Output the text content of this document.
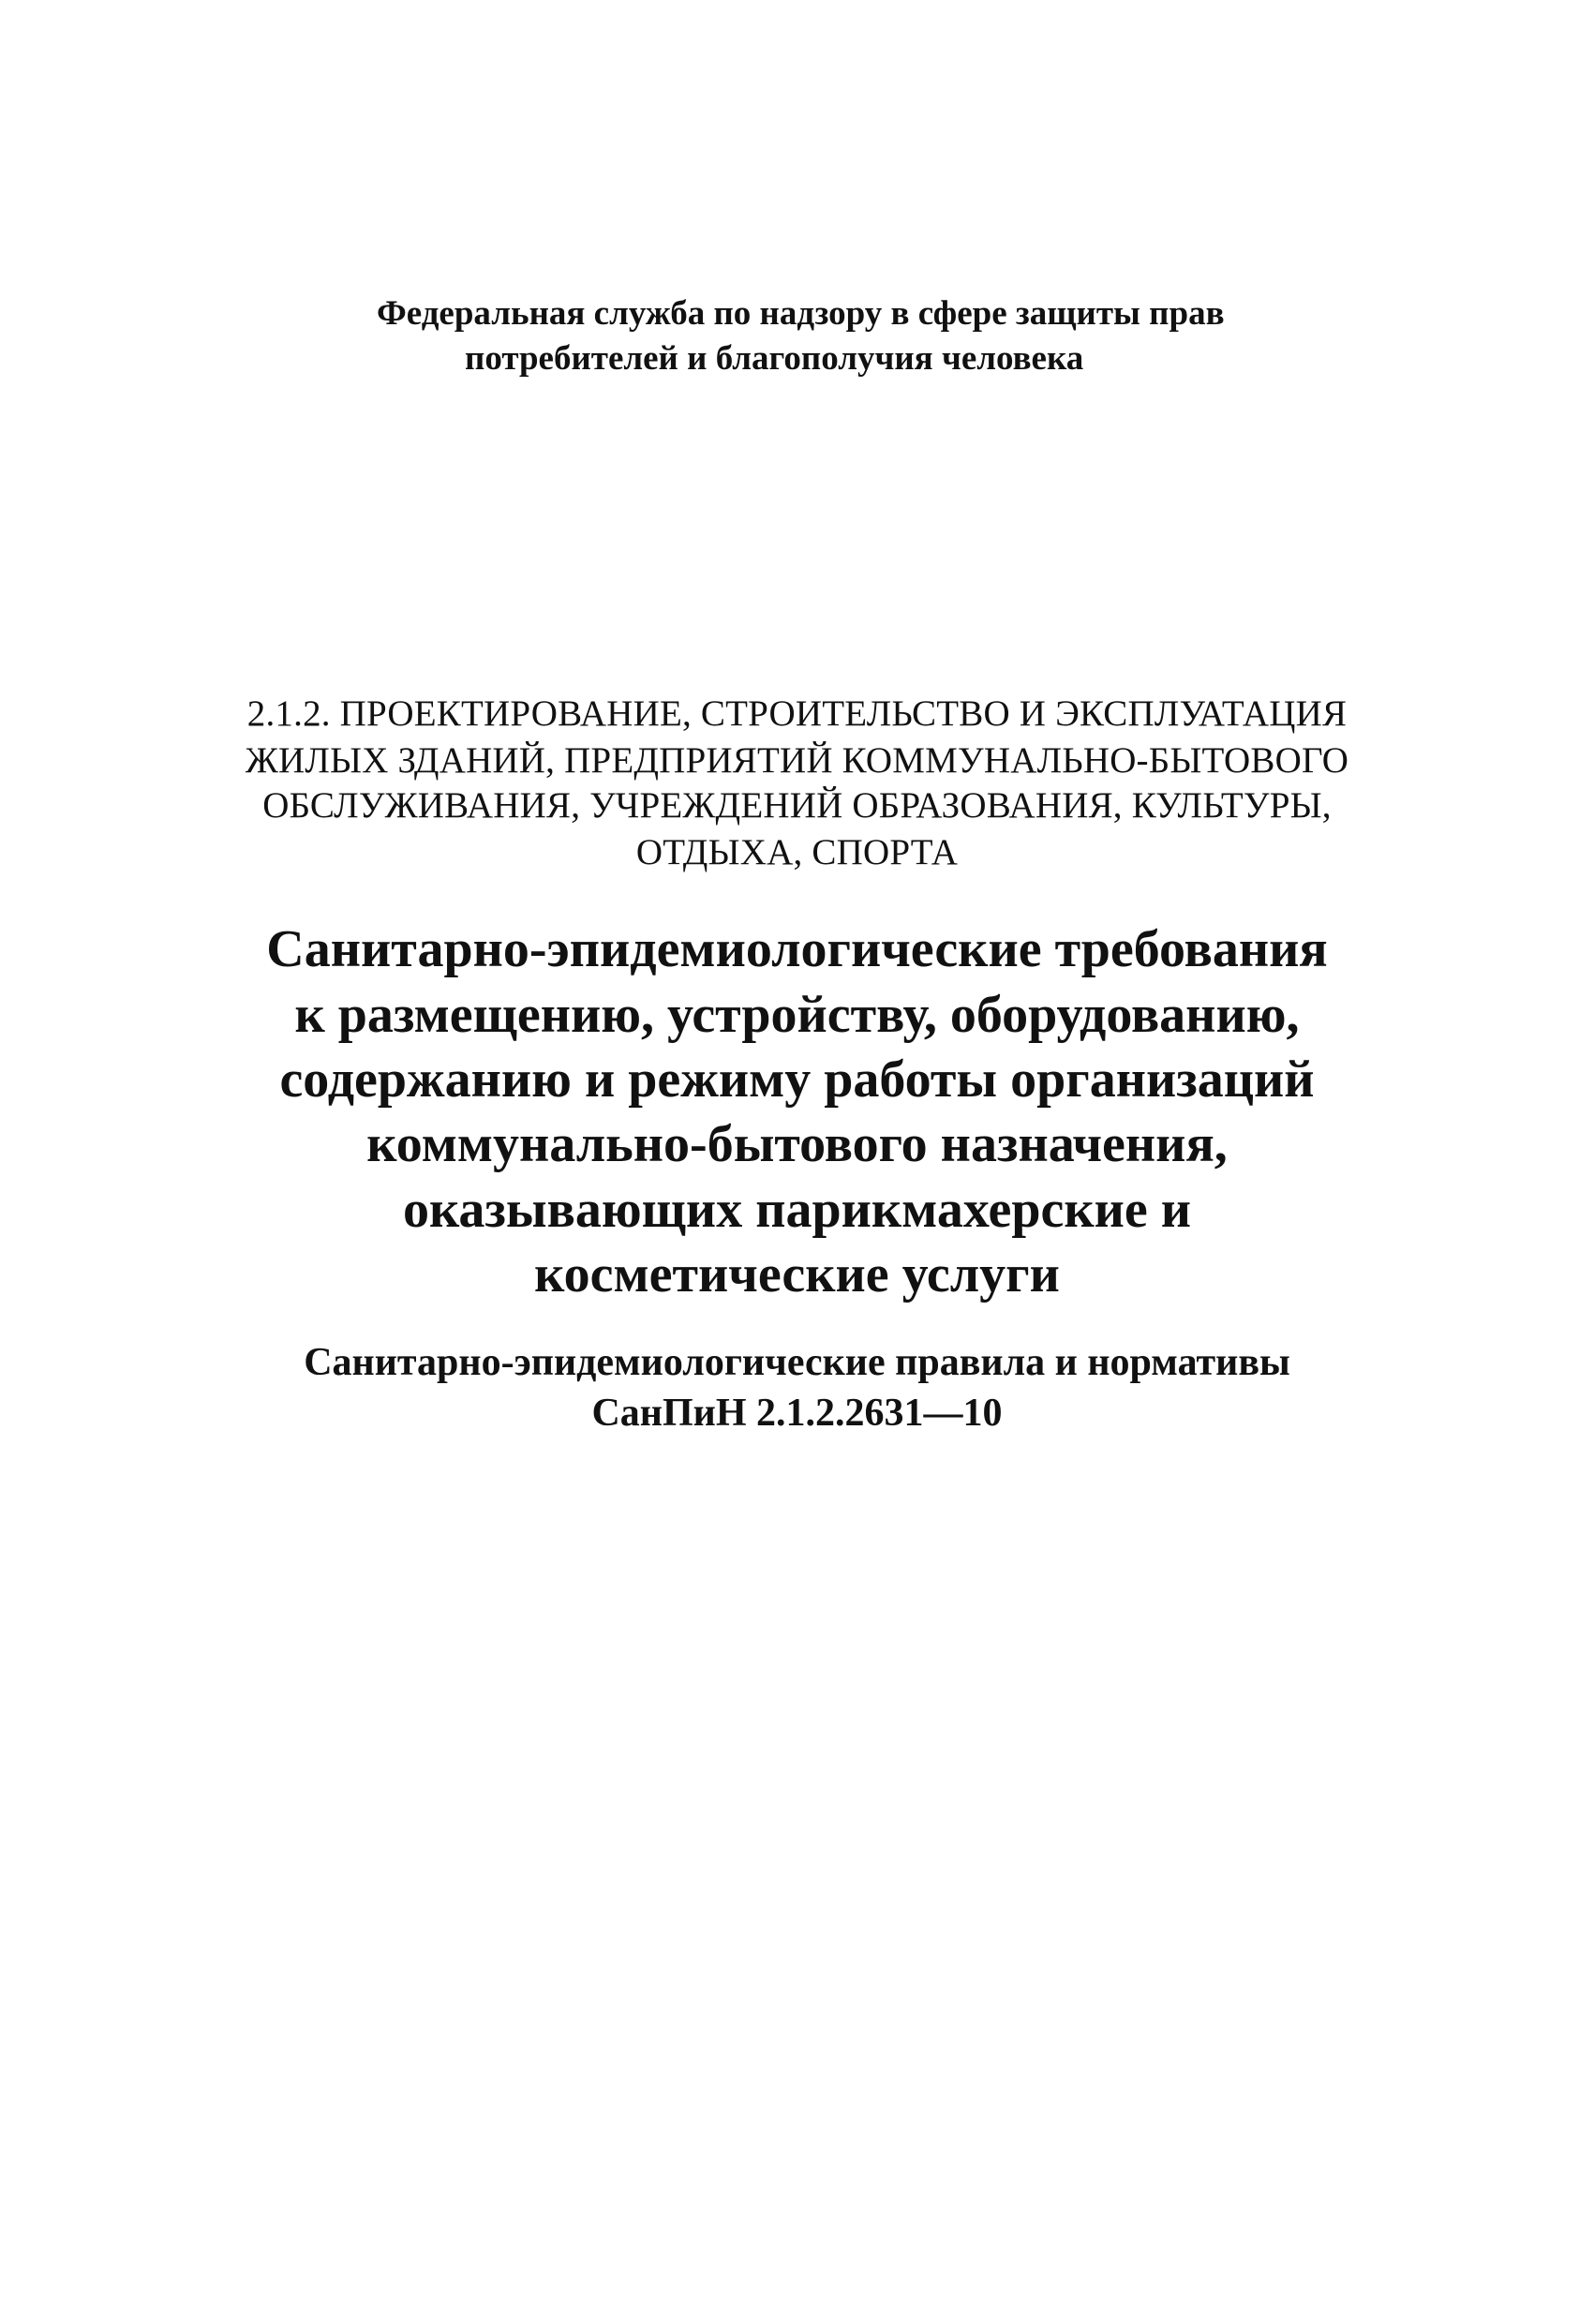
Федеральная служба по надзору в сфере защиты прав
потребителей и благополучия человека
2.1.2. ПРОЕКТИРОВАНИЕ, СТРОИТЕЛЬСТВО И ЭКСПЛУАТАЦИЯ
ЖИЛЫХ ЗДАНИЙ, ПРЕДПРИЯТИЙ КОММУНАЛЬНО-БЫТОВОГО
ОБСЛУЖИВАНИЯ, УЧРЕЖДЕНИЙ ОБРАЗОВАНИЯ, КУЛЬТУРЫ,
ОТДЫХА, СПОРТА
Санитарно-эпидемиологические требования
к размещению, устройству, оборудованию,
содержанию и режиму работы организаций
коммунально-бытового назначения,
оказывающих парикмахерские и
косметические услуги
Санитарно-эпидемиологические правила и нормативы
СанПиН 2.1.2.2631—10
